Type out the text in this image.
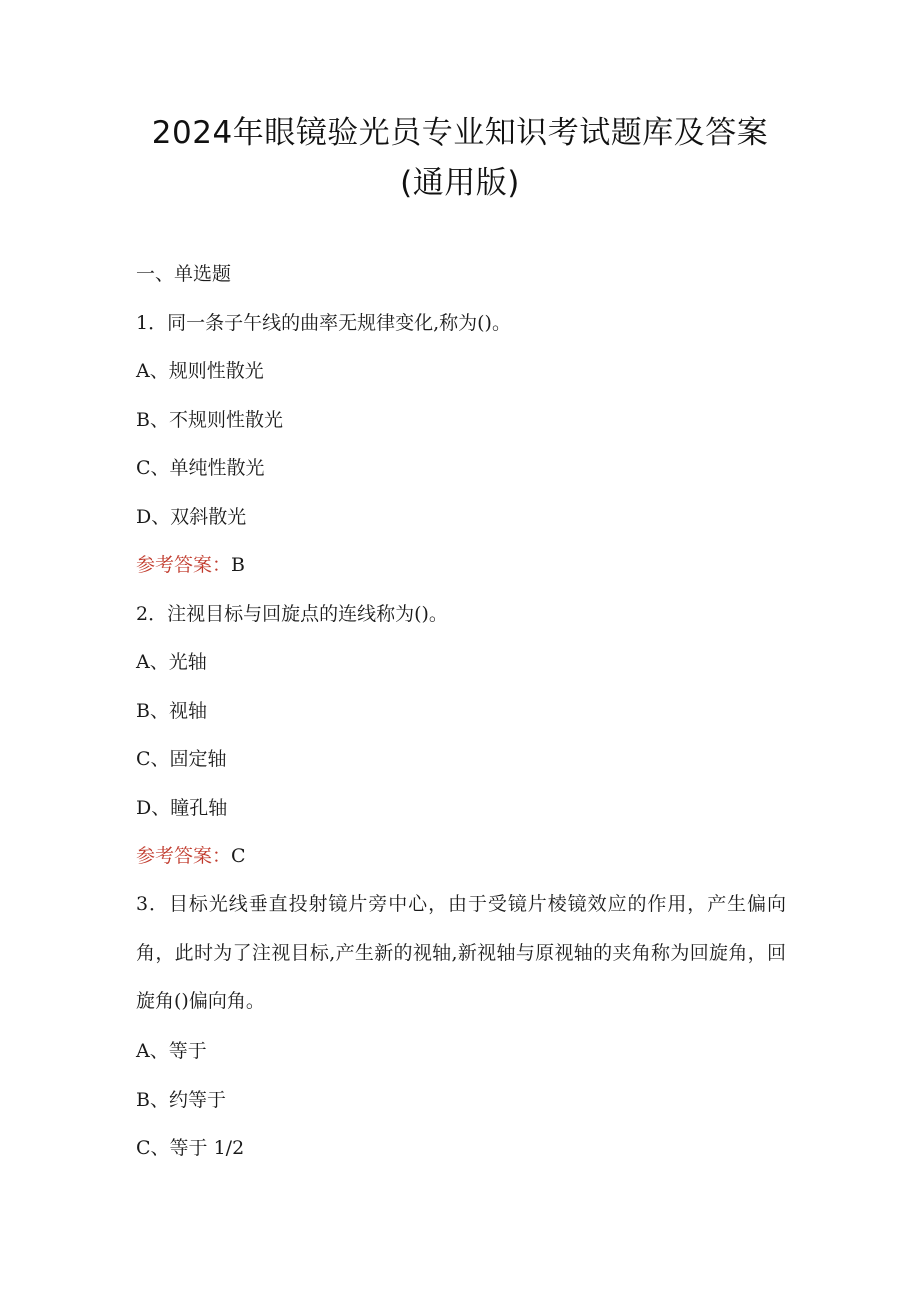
2024年眼镜验光员专业知识考试题库及答案(通用版)
一、单选题
1．同一条子午线的曲率无规律变化,称为()。
A、规则性散光
B、不规则性散光
C、单纯性散光
D、双斜散光
参考答案：B
2．注视目标与回旋点的连线称为()。
A、光轴
B、视轴
C、固定轴
D、瞳孔轴
参考答案：C
3．目标光线垂直投射镜片旁中心，由于受镜片棱镜效应的作用，产生偏向角，此时为了注视目标,产生新的视轴,新视轴与原视轴的夹角称为回旋角，回旋角()偏向角。
A、等于
B、约等于
C、等于 1/2
